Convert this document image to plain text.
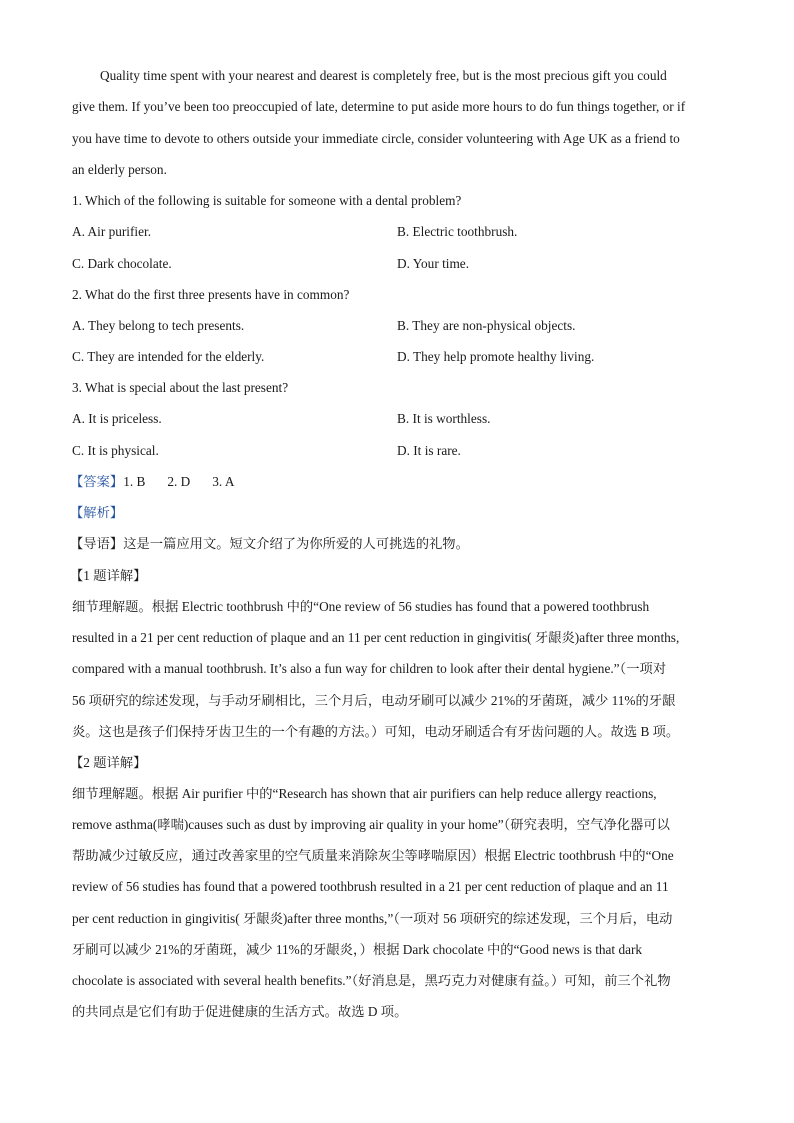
Quality time spent with your nearest and dearest is completely free, but is the most precious gift you could
give them. If you’ve been too preoccupied of late, determine to put aside more hours to do fun things together, or if
you have time to devote to others outside your immediate circle, consider volunteering with Age UK as a friend to
an elderly person.
1. Which of the following is suitable for someone with a dental problem?
A. Air purifier.	B. Electric toothbrush.
C. Dark chocolate.	D. Your time.
2. What do the first three presents have in common?
A. They belong to tech presents.	B. They are non-physical objects.
C. They are intended for the elderly.	D. They help promote healthy living.
3. What is special about the last present?
A. It is priceless.	B. It is worthless.
C. It is physical.	D. It is rare.
【答案】1. B 2. D 3. A
【解析】
【导语】这是一篇应用文。短文介绍了为你所爱的人可挑选的礼物。
【1 题详解】
细节理解题。根据 Electric toothbrush 中的“One review of 56 studies has found that a powered toothbrush
resulted in a 21 per cent reduction of plaque and an 11 per cent reduction in gingivitis( 牙龈炎)after three months,
compared with a manual toothbrush. It’s also a fun way for children to look after their dental hygiene.”（一项对
56 项研究的综述发现，与手动牙刷相比，三个月后，电动牙刷可以减少 21%的牙菌斑，减少 11%的牙龈
炎。这也是孩子们保持牙齿卫生的一个有趣的方法。）可知，电动牙刷适合有牙齿问题的人。故选 B 项。
【2 题详解】
细节理解题。根据 Air purifier 中的“Research has shown that air purifiers can help reduce allergy reactions,
remove asthma(哮喘)causes such as dust by improving air quality in your home”（研究表明，空气净化器可以
帮助减少过敏反应，通过改善家里的空气质量来消除灰尘等哮喘原因）根据 Electric toothbrush 中的“One
review of 56 studies has found that a powered toothbrush resulted in a 21 per cent reduction of plaque and an 11
per cent reduction in gingivitis( 牙龈炎)after three months,”（一项对 56 项研究的综述发现，三个月后，电动
牙刷可以减少 21%的牙菌斑，减少 11%的牙龈炎，）根据 Dark chocolate 中的“Good news is that dark
chocolate is associated with several health benefits.”（好消息是，黑巧克力对健康有益。）可知，前三个礼物
的共同点是它们有助于促进健康的生活方式。故选 D 项。
